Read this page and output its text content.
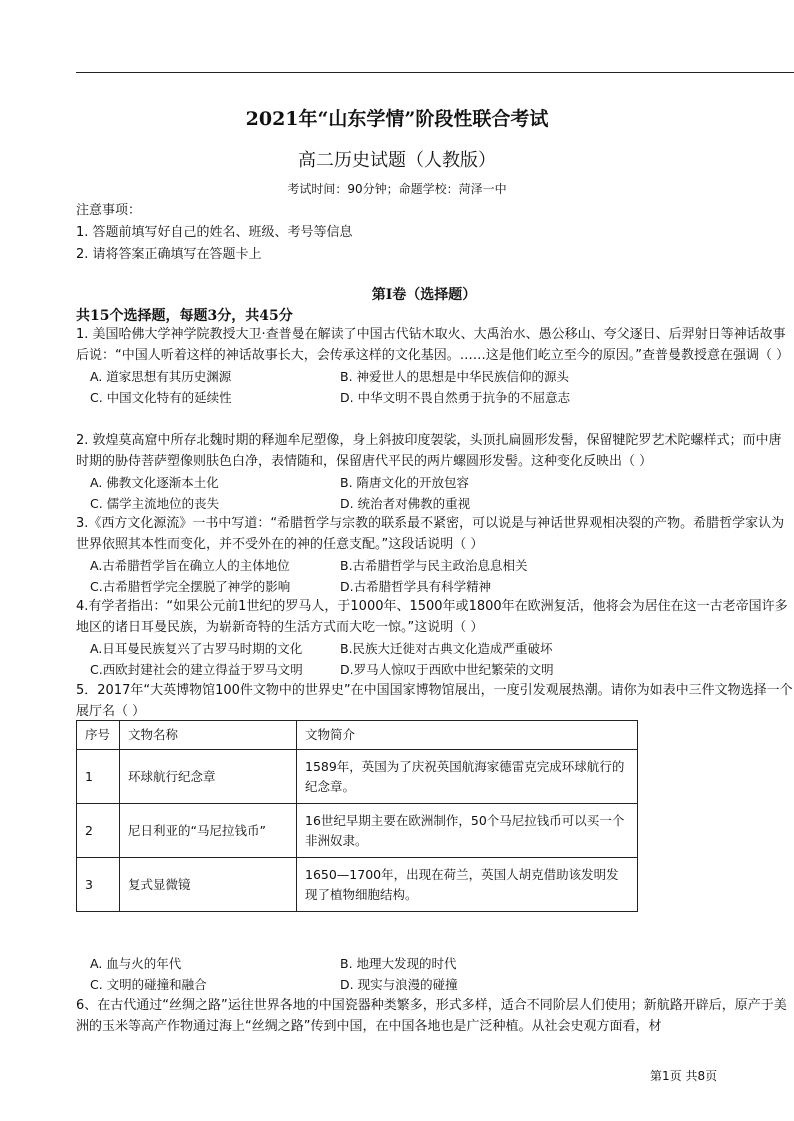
2021年“山东学情”阶段性联合考试
高二历史试题（人教版）
考试时间：90分钟；命题学校：菏泽一中
注意事项：
1. 答题前填写好自己的姓名、班级、考号等信息
2. 请将答案正确填写在答题卡上
第Ⅰ卷（选择题）
共15个选择题，每题3分，共45分

1. 美国哈佛大学神学院教授大卫·查普曼在解读了中国古代钻木取火、大禹治水、愚公移山、夸父逐日、后羿射日等神话故事后说：“中国人听着这样的神话故事长大，会传承这样的文化基因。……这是他们屹立至今的原因。”查普曼教授意在强调（ ）

A. 道家思想有其历史渊源	B. 神爱世人的思想是中华民族信仰的源头
C. 中国文化特有的延续性	D. 中华文明不畏自然勇于抗争的不屈意志

2. 敦煌莫高窟中所存北魏时期的释迦牟尼塑像，身上斜披印度袈裟，头顶扎扁圆形发髻，保留犍陀罗艺术陀螺样式；而中唐时期的胁侍菩萨塑像则肤色白净，表情随和，保留唐代平民的两片螺圆形发髻。这种变化反映出（ ）

A. 佛教文化逐渐本土化	B. 隋唐文化的开放包容
C. 儒学主流地位的丧失	D. 统治者对佛教的重视

3.《西方文化源流》一书中写道：“希腊哲学与宗教的联系最不紧密，可以说是与神话世界观相决裂的产物。希腊哲学家认为世界依照其本性而变化，并不受外在的神的任意支配。”这段话说明（ ）

A.古希腊哲学旨在确立人的主体地位	B.古希腊哲学与民主政治息息相关
C.古希腊哲学完全摆脱了神学的影响	D.古希腊哲学具有科学精神

4.有学者指出：“如果公元前1世纪的罗马人，于1000年、1500年或1800年在欧洲复活，他将会为居住在这一古老帝国许多地区的诸日耳曼民族，为崭新奇特的生活方式而大吃一惊。”这说明（ ）

A.日耳曼民族复兴了古罗马时期的文化	B.民族大迁徙对古典文化造成严重破坏
C.西欧封建社会的建立得益于罗马文明	D.罗马人惊叹于西欧中世纪繁荣的文明

5．2017年“大英博物馆100件文物中的世界史”在中国国家博物馆展出，一度引发观展热潮。请你为如表中三件文物选择一个展厅名（ ）

序号	文物名称	文物简介
1	环球航行纪念章	1589年，英国为了庆祝英国航海家德雷克完成环球航行的纪念章。
2	尼日利亚的“马尼拉钱币”	16世纪早期主要在欧洲制作，50个马尼拉钱币可以买一个非洲奴隶。
3	复式显微镜	1650—1700年，出现在荷兰，英国人胡克借助该发明发现了植物细胞结构。
A. 血与火的年代	B. 地理大发现的时代
C. 文明的碰撞和融合	D. 现实与浪漫的碰撞

6、在古代通过“丝绸之路”运往世界各地的中国瓷器种类繁多，形式多样，适合不同阶层人们使用；新航路开辟后，原产于美洲的玉米等高产作物通过海上“丝绸之路”传到中国，在中国各地也是广泛种植。从社会史观方面看，材

第1页 共8页
